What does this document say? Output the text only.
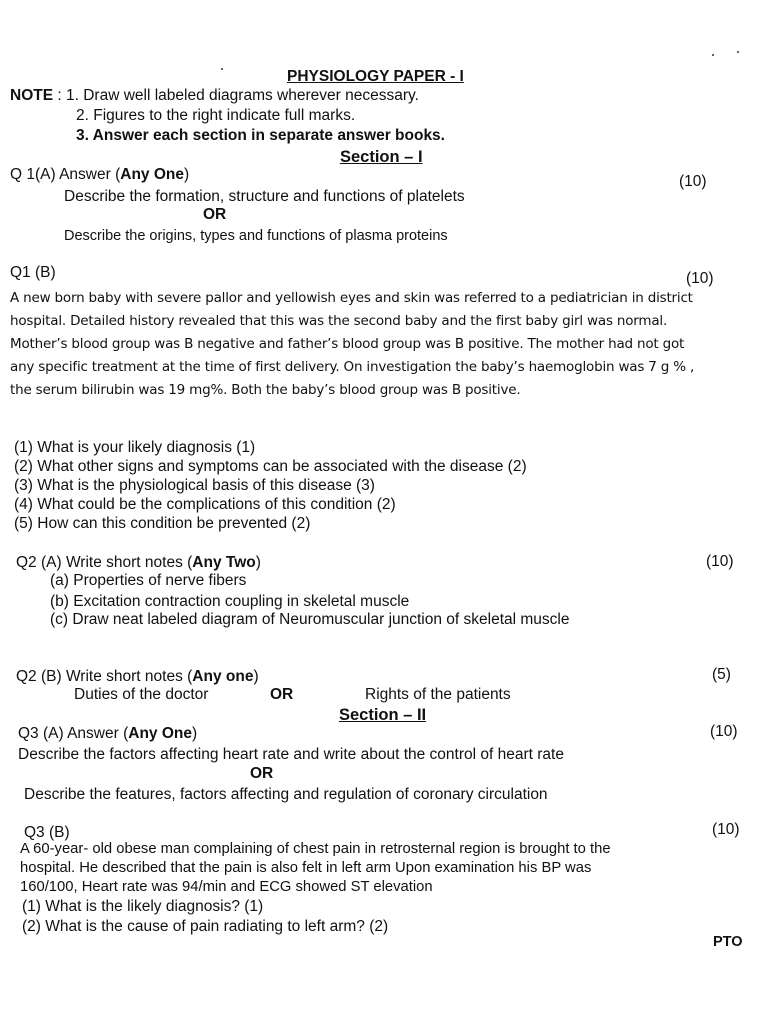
PHYSIOLOGY PAPER - I
NOTE : 1. Draw well labeled diagrams wherever necessary.
2. Figures to the right indicate full marks.
3. Answer each section in separate answer books.
Section – I
Q 1(A) Answer (Any One)	(10)
Describe the formation, structure and functions of platelets
OR
Describe the origins, types and functions of plasma proteins
Q1 (B)	(10)
A new born baby with severe pallor and yellowish eyes and skin was referred to a pediatrician in district
hospital. Detailed history revealed that this was the second baby and the first baby girl was normal.
Mother’s blood group was B negative and father’s blood group was B positive. The mother had not got
any specific treatment at the time of first delivery. On investigation the baby’s haemoglobin was 7 g % ,
the serum bilirubin was 19 mg%. Both the baby’s blood group was B positive.
(1) What is your likely diagnosis (1)
(2) What other signs and symptoms can be associated with the disease (2)
(3) What is the physiological basis of this disease (3)
(4) What could be the complications of this condition (2)
(5) How can this condition be prevented (2)
Q2 (A) Write short notes (Any Two)	(10)
(a) Properties of nerve fibers
(b) Excitation contraction coupling in skeletal muscle
(c) Draw neat labeled diagram of Neuromuscular junction of skeletal muscle
Q2 (B) Write short notes (Any one)	(5)
Duties of the doctor	OR	Rights of the patients
Section – II
Q3 (A) Answer (Any One)	(10)
Describe the factors affecting heart rate and write about the control of heart rate
OR
Describe the features, factors affecting and regulation of coronary circulation
Q3 (B)	(10)
A 60-year- old obese man complaining of chest pain in retrosternal region is brought to the
hospital. He described that the pain is also felt in left arm Upon examination his BP was
160/100, Heart rate was 94/min and ECG showed ST elevation
(1) What is the likely diagnosis? (1)
(2) What is the cause of pain radiating to left arm? (2)
PTO
